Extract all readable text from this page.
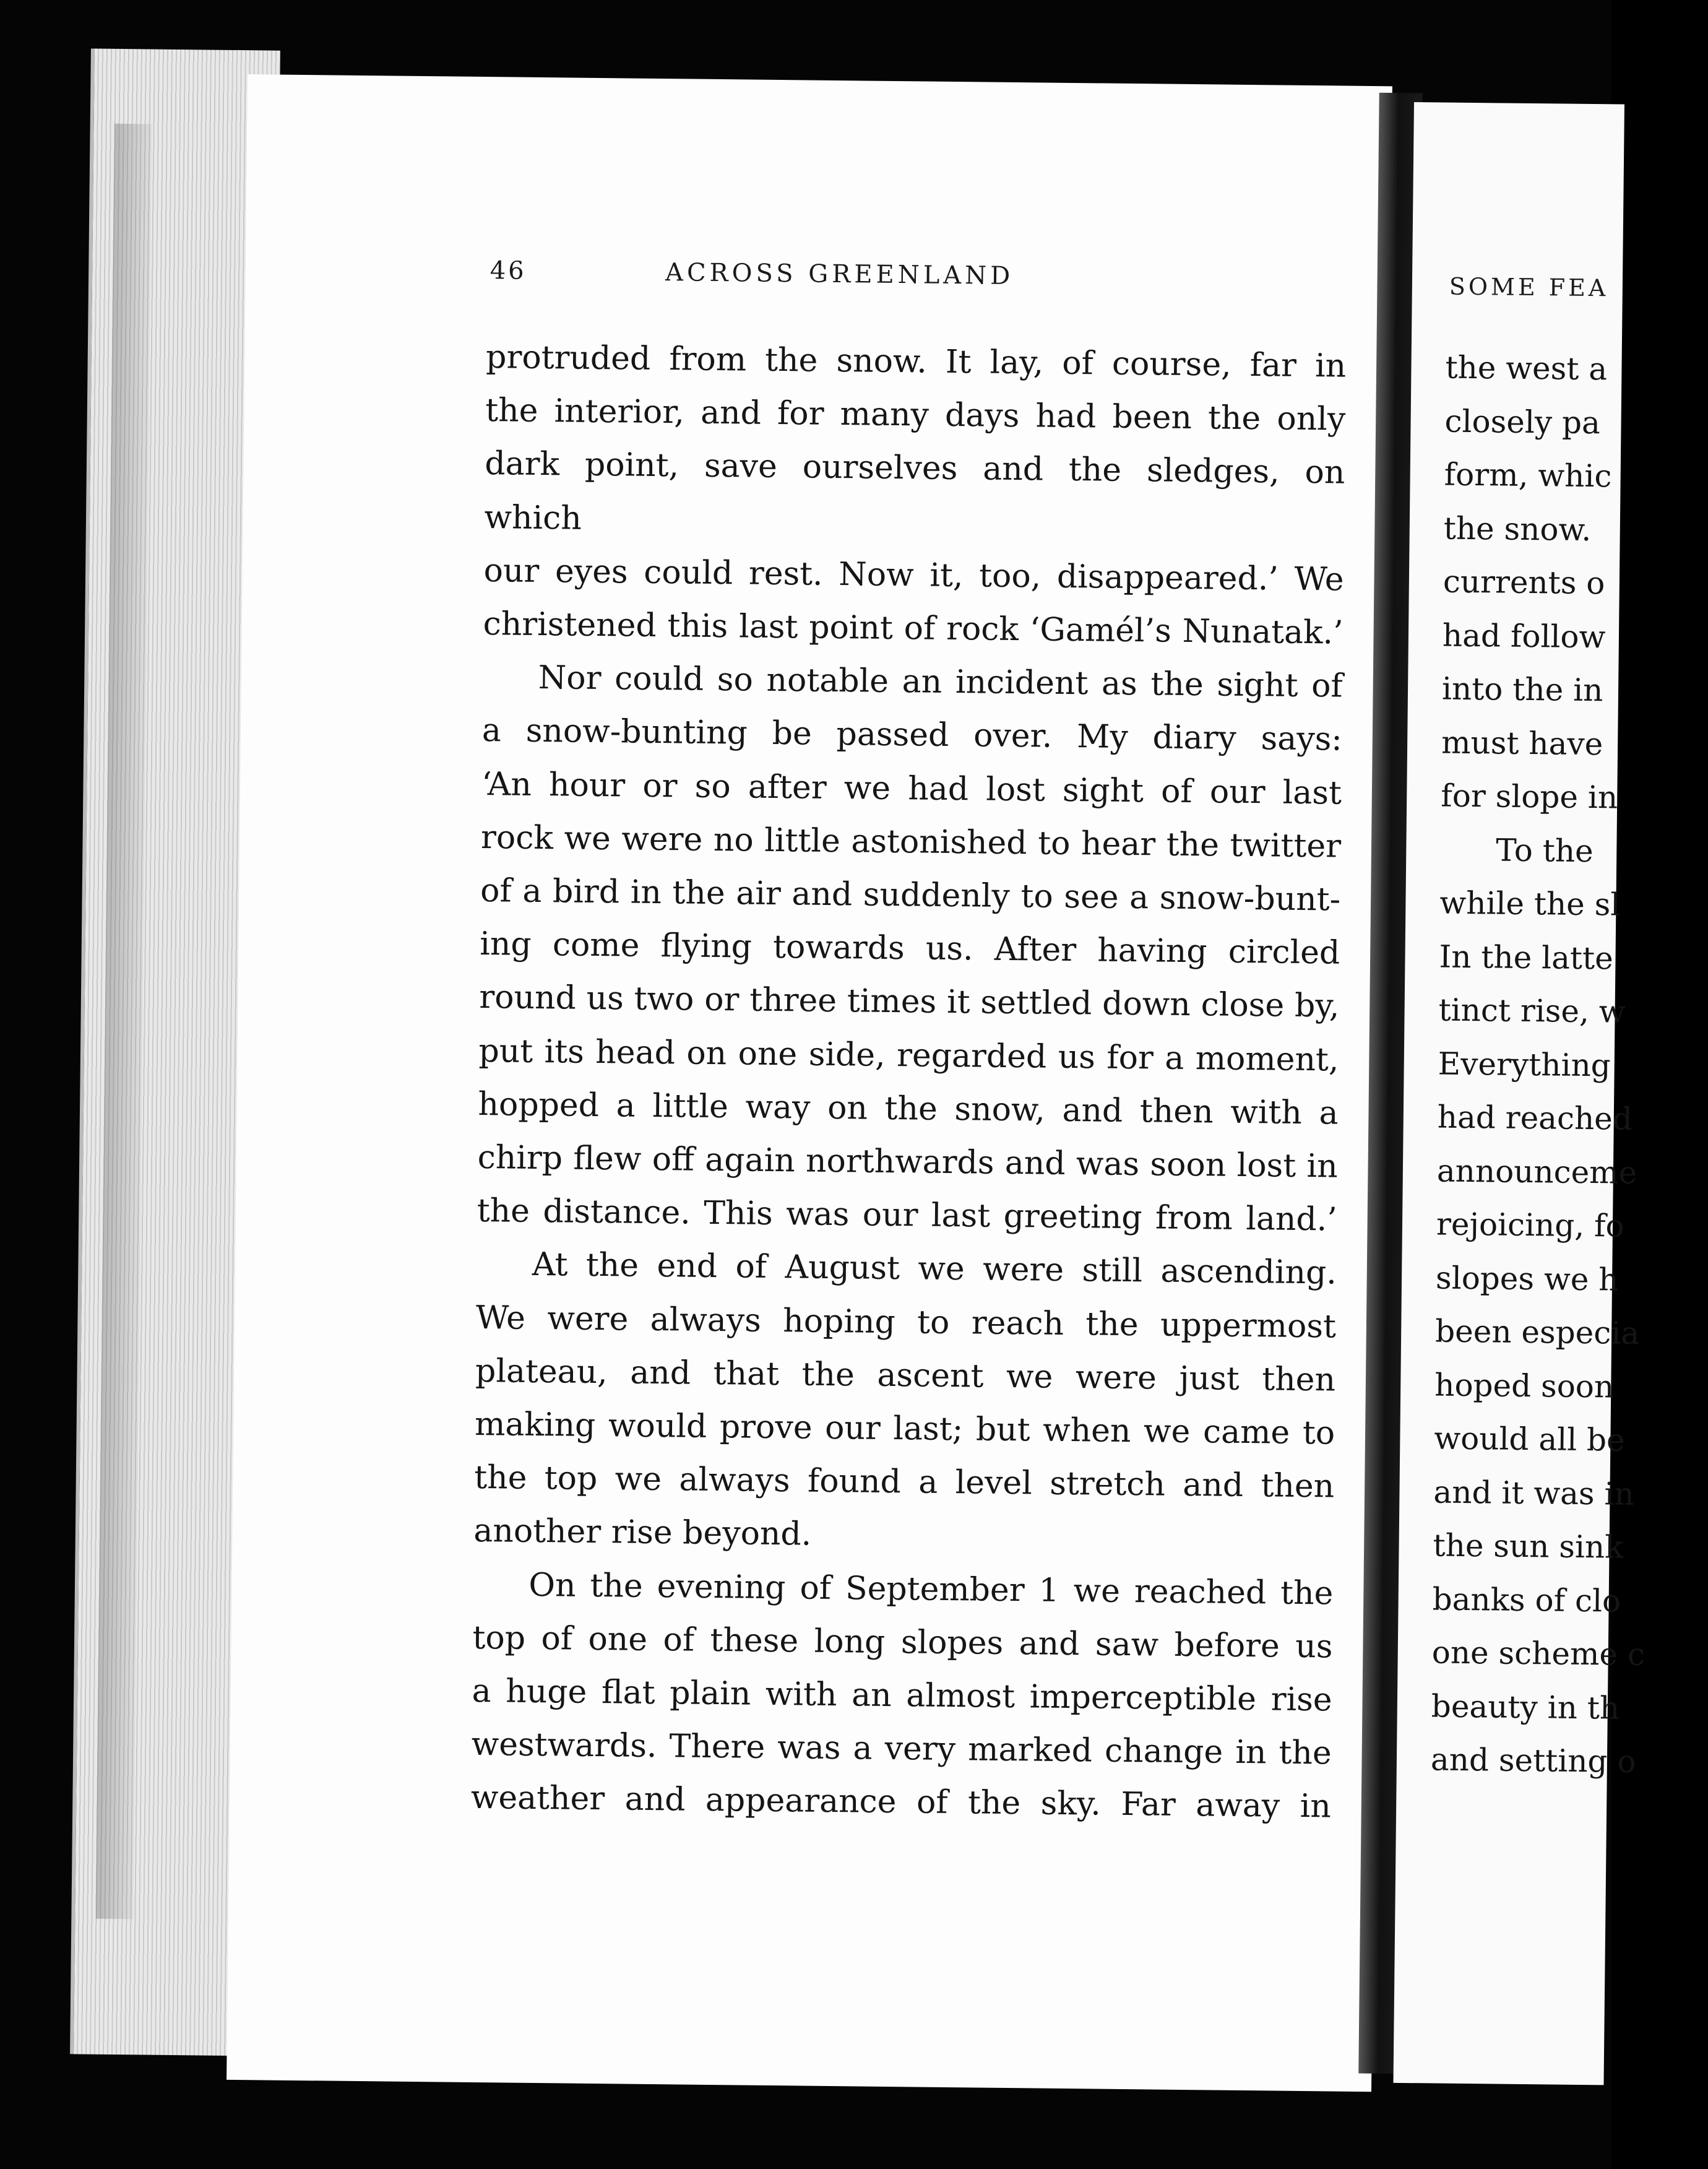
46	ACROSS GREENLAND
protruded from the snow. It lay, of course, far in
the interior, and for many days had been the only
dark point, save ourselves and the sledges, on which
our eyes could rest. Now it, too, disappeared.’ We
christened this last point of rock ‘Gamél’s Nunatak.’
Nor could so notable an incident as the sight of
a snow-bunting be passed over. My diary says:
‘An hour or so after we had lost sight of our last
rock we were no little astonished to hear the twitter
of a bird in the air and suddenly to see a snow-bunt-
ing come flying towards us. After having circled
round us two or three times it settled down close by,
put its head on one side, regarded us for a moment,
hopped a little way on the snow, and then with a
chirp flew off again northwards and was soon lost in
the distance. This was our last greeting from land.’
At the end of August we were still ascending.
We were always hoping to reach the uppermost
plateau, and that the ascent we were just then
making would prove our last; but when we came to
the top we always found a level stretch and then
another rise beyond.
On the evening of September 1 we reached the
top of one of these long slopes and saw before us
a huge flat plain with an almost imperceptible rise
westwards. There was a very marked change in the
weather and appearance of the sky. Far away in
SOME FEA
the west a
closely pa
form, whic
the snow.
currents o
had follow
into the in
must have
for slope in
To the
while the sl
In the latte
tinct rise, w
Everything
had reached
announceme
rejoicing, fo
slopes we h
been especia
hoped soon
would all be
and it was in
the sun sink
banks of clo
one scheme c
beauty in th
and setting o
